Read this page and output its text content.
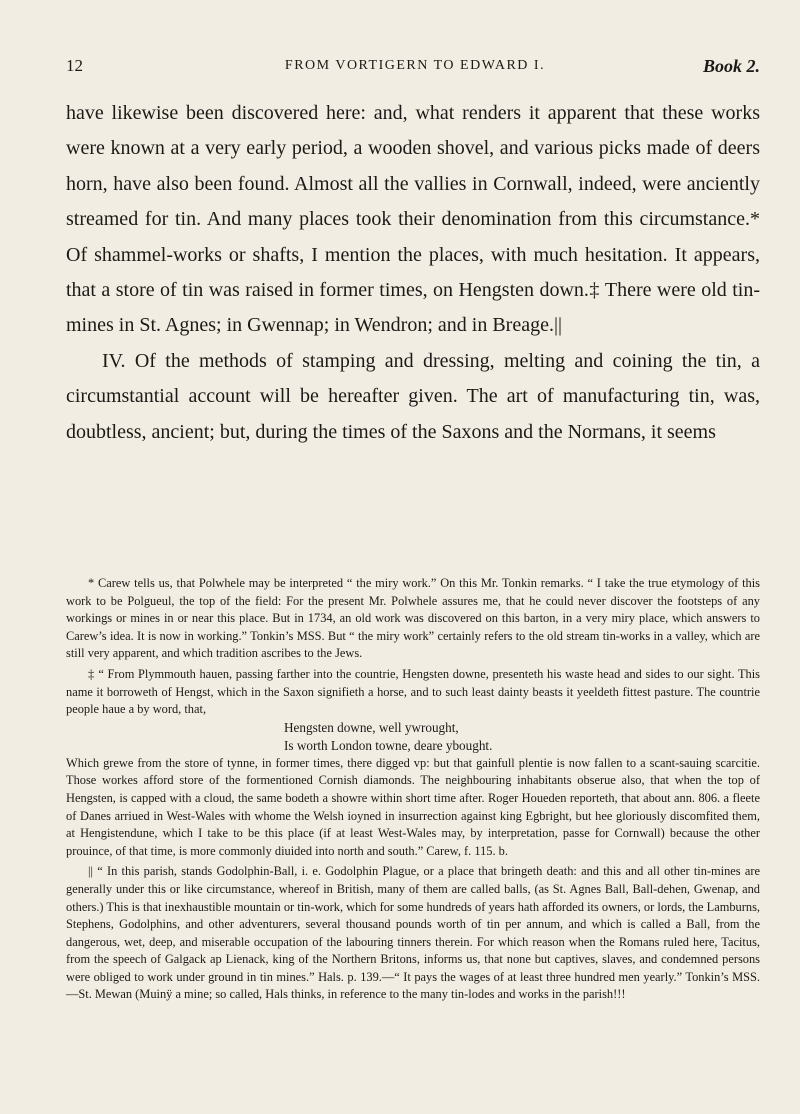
12	FROM VORTIGERN TO EDWARD I.	Book 2.

have likewise been discovered here: and, what renders it apparent that these works were known at a very early period, a wooden shovel, and various picks made of deers horn, have also been found. Almost all the vallies in Cornwall, indeed, were anciently streamed for tin. And many places took their denomination from this circumstance.* Of shammel-works or shafts, I mention the places, with much hesitation. It appears, that a store of tin was raised in former times, on Hengsten down.‡ There were old tin-mines in St. Agnes; in Gwennap; in Wendron; and in Breage.||

IV. Of the methods of stamping and dressing, melting and coining the tin, a circumstantial account will be hereafter given. The art of manufacturing tin, was, doubtless, ancient; but, during the times of the Saxons and the Normans, it seems

* Carew tells us, that Polwhele may be interpreted “ the miry work.” On this Mr. Tonkin remarks. “ I take the true etymology of this work to be Polgueul, the top of the field: For the present Mr. Polwhele assures me, that he could never discover the footsteps of any workings or mines in or near this place. But in 1734, an old work was discovered on this barton, in a very miry place, which answers to Carew’s idea. It is now in working.” Tonkin’s MSS. But “ the miry work” certainly refers to the old stream tin-works in a valley, which are still very apparent, and which tradition ascribes to the Jews.

‡ “ From Plymmouth hauen, passing farther into the countrie, Hengsten downe, presenteth his waste head and sides to our sight. This name it borroweth of Hengst, which in the Saxon signifieth a horse, and to such least dainty beasts it yeeldeth fittest pasture. The countrie people haue a by word, that,

Hengsten downe, well ywrought,

Is worth London towne, deare ybought.

Which grewe from the store of tynne, in former times, there digged vp: but that gainfull plentie is now fallen to a scant-sauing scarcitie. Those workes afford store of the formentioned Cornish diamonds. The neighbouring inhabitants obserue also, that when the top of Hengsten, is capped with a cloud, the same bodeth a showre within short time after. Roger Houeden reporteth, that about ann. 806. a fleete of Danes arriued in West-Wales with whome the Welsh ioyned in insurrection against king Egbright, but hee gloriously discomfited them, at Hengistendune, which I take to be this place (if at least West-Wales may, by interpretation, passe for Cornwall) because the other prouince, of that time, is more commonly diuided into north and south.” Carew, f. 115. b.

|| “ In this parish, stands Godolphin-Ball, i. e. Godolphin Plague, or a place that bringeth death: and this and all other tin-mines are generally under this or like circumstance, whereof in British, many of them are called balls, (as St. Agnes Ball, Ball-dehen, Gwenap, and others.) This is that inexhaustible mountain or tin-work, which for some hundreds of years hath afforded its owners, or lords, the Lamburns, Stephens, Godolphins, and other adventurers, several thousand pounds worth of tin per annum, and which is called a Ball, from the dangerous, wet, deep, and miserable occupation of the labouring tinners therein. For which reason when the Romans ruled here, Tacitus, from the speech of Galgack ap Lienack, king of the Northern Britons, informs us, that none but captives, slaves, and condemned persons were obliged to work under ground in tin mines.” Hals. p. 139.—“ It pays the wages of at least three hundred men yearly.” Tonkin’s MSS.—St. Mewan (Muinÿ a mine; so called, Hals thinks, in reference to the many tin-lodes and works in the parish!!!
